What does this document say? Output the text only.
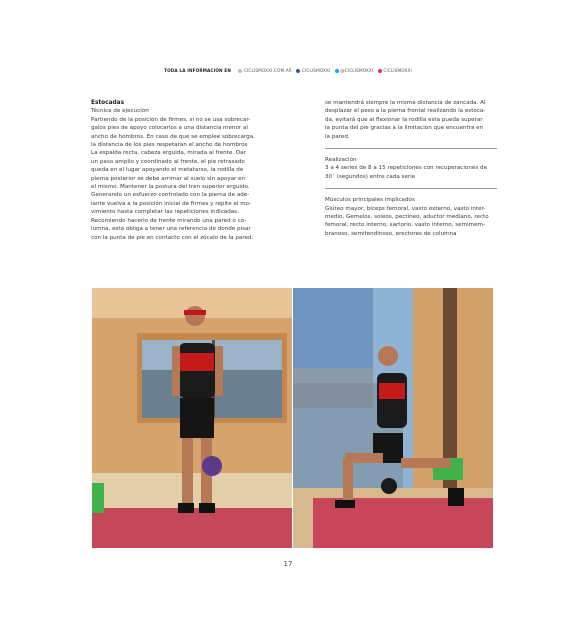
TODA LA INFORMACIÓN EN	CICLISMOXXI.COM.AR CICLISMOXXI @CICLISMOXXI CICLISMOXXI

Estocadas

Técnica de ejecución

Partiendo de la posición de firmes, si no se usa sobrecar-

galos pies de apoyo colocarlos a una distancia menor al

ancho de hombros. En caso de que se emplee sobrecarga,

la distancia de los pies respetaran el ancho de hombros

La espalda recta, cabeza erguida, mirada al frente. Dar

un paso amplio y coordinado al frente, el pie retrasado

queda en el lugar apoyando el metatarso, la rodilla de

pierna posterior se debe arrimar al suelo sin apoyar en

el mismo. Mantener la postura del tren superior erguido.

Generando un esfuerzo controlado con la pierna de ade-

lante vuelva a la posición inicial de firmes y repite el mo-

vimiento hasta completar las repeticiones indicadas.

Recomiendo hacerlo de frente mirando una pared o co-

lumna, esta obliga a tener una referencia de donde pisar

con la punta de pie en contacto con el zócalo de la pared.

se mantendrá siempre la misma distancia de zancada. Al

desplazar el peso a la pierna frontal realizando la estoca-

da, evitará que al flexionar la rodilla esta pueda superar

la punta del pie gracias a la limitación que encuentra en

la pared.

Realización

3 a 4 series de 8 a 15 repeticiones con recuperaciones de

30´ (segundos) entre cada serie

Músculos principales implicados

Glúteo mayor, bíceps femoral, vasto externo, vasto inter-

medio, Gemelos, soleos, pectíneo, aductor mediano, recto

femoral, recto interno, sartorio, vasto interno, semimem-

branoso, semitendinoso, erectores de columna

17
